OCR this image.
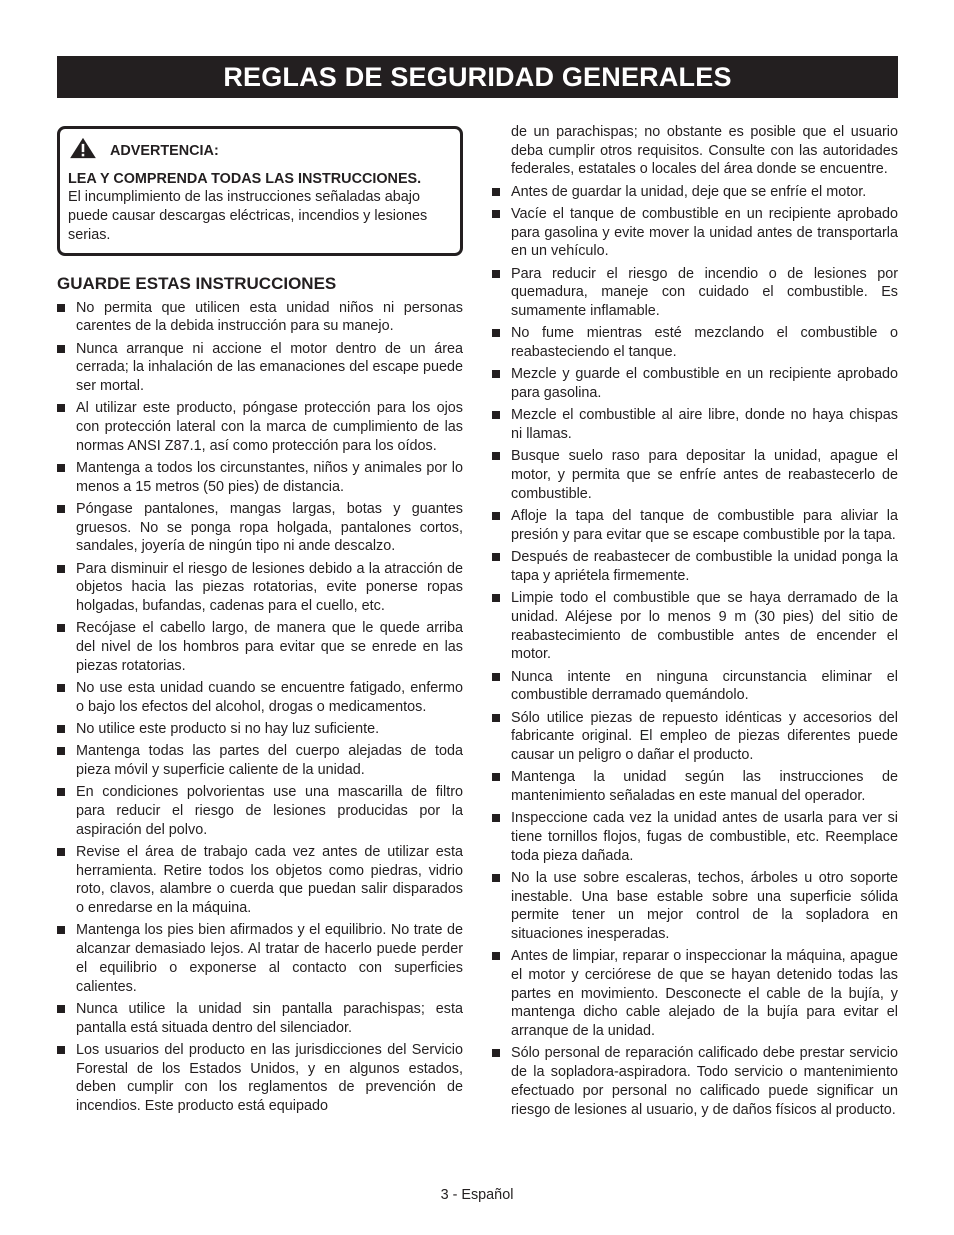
REGLAS DE SEGURIDAD GENERALES
ADVERTENCIA:
LEA Y COMPRENDA TODAS LAS INSTRUCCIONES.
El incumplimiento de las instrucciones señaladas abajo puede causar descargas eléctricas, incendios y lesiones serias.
GUARDE ESTAS INSTRUCCIONES
No permita que utilicen esta unidad niños ni personas carentes de la debida instrucción para su manejo.
Nunca arranque ni accione el motor dentro de un área cerrada; la inhalación de las emanaciones del escape puede ser mortal.
Al utilizar este producto, póngase protección para los ojos con protección lateral con la marca de cumplimiento de las normas ANSI Z87.1, así como protección para los oídos.
Mantenga a todos los circunstantes, niños y animales por lo menos a 15 metros (50 pies) de distancia.
Póngase pantalones, mangas largas, botas y guantes gruesos. No se ponga ropa holgada, pantalones cortos, sandales, joyería de ningún tipo ni ande descalzo.
Para disminuir el riesgo de lesiones debido a la atracción de objetos hacia las piezas rotatorias, evite ponerse ropas holgadas, bufandas, cadenas para el cuello, etc.
Recójase el cabello largo, de manera que le quede arriba del nivel de los hombros para evitar que se enrede en las piezas rotatorias.
No use esta unidad cuando se encuentre fatigado, enfermo o bajo los efectos del alcohol, drogas o medicamentos.
No utilice este producto si no hay luz suficiente.
Mantenga todas las partes del cuerpo alejadas de toda pieza móvil y superficie caliente de la unidad.
En condiciones polvorientas use una mascarilla de filtro para reducir el riesgo de lesiones producidas por la aspiración del polvo.
Revise el área de trabajo cada vez antes de utilizar esta herramienta. Retire todos los objetos como piedras, vidrio roto, clavos, alambre o cuerda que puedan salir disparados o enredarse en la máquina.
Mantenga los pies bien afirmados y el equilibrio. No trate de alcanzar demasiado lejos. Al tratar de hacerlo puede perder el equilibrio o exponerse al contacto con superficies calientes.
Nunca utilice la unidad sin pantalla parachispas; esta pantalla está situada dentro del silenciador.
Los usuarios del producto en las jurisdicciones del Servicio Forestal de los Estados Unidos, y en algunos estados, deben cumplir con los reglamentos de prevención de incendios. Este producto está equipado
de un parachispas; no obstante es posible que el usuario deba cumplir otros requisitos. Consulte con las autoridades federales, estatales o locales del área donde se encuentre.
Antes de guardar la unidad, deje que se enfríe el motor.
Vacíe el tanque de combustible en un recipiente aprobado para gasolina y evite mover la unidad antes de transportarla en un vehículo.
Para reducir el riesgo de incendio o de lesiones por quemadura, maneje con cuidado el combustible. Es sumamente inflamable.
No fume mientras esté mezclando el combustible o reabasteciendo el tanque.
Mezcle y guarde el combustible en un recipiente aprobado para gasolina.
Mezcle el combustible al aire libre, donde no haya chispas ni llamas.
Busque suelo raso para depositar la unidad, apague el motor, y permita que se enfríe antes de reabastecerlo de combustible.
Afloje la tapa del tanque de combustible para aliviar la presión y para evitar que se escape combustible por la tapa.
Después de reabastecer de combustible la unidad ponga la tapa y apriétela firmemente.
Limpie todo el combustible que se haya derramado de la unidad. Aléjese por lo menos 9 m (30 pies) del sitio de reabastecimiento de combustible antes de encender el motor.
Nunca intente en ninguna circunstancia eliminar el combustible derramado quemándolo.
Sólo utilice piezas de repuesto idénticas y accesorios del fabricante original. El empleo de piezas diferentes puede causar un peligro o dañar el producto.
Mantenga la unidad según las instrucciones de mantenimiento señaladas en este manual del operador.
Inspeccione cada vez la unidad antes de usarla para ver si tiene tornillos flojos, fugas de combustible, etc. Reemplace toda pieza dañada.
No la use sobre escaleras, techos, árboles u otro soporte inestable. Una base estable sobre una superficie sólida permite tener un mejor control de la sopladora en situaciones inesperadas.
Antes de limpiar, reparar o inspeccionar la máquina, apague el motor y cerciórese de que se hayan detenido todas las partes en movimiento. Desconecte el cable de la bujía, y mantenga dicho cable alejado de la bujía para evitar el arranque de la unidad.
Sólo personal de reparación calificado debe prestar servicio de la sopladora-aspiradora. Todo servicio o mantenimiento efectuado por personal no calificado puede significar un riesgo de lesiones al usuario, y de daños físicos al producto.
3 - Español
